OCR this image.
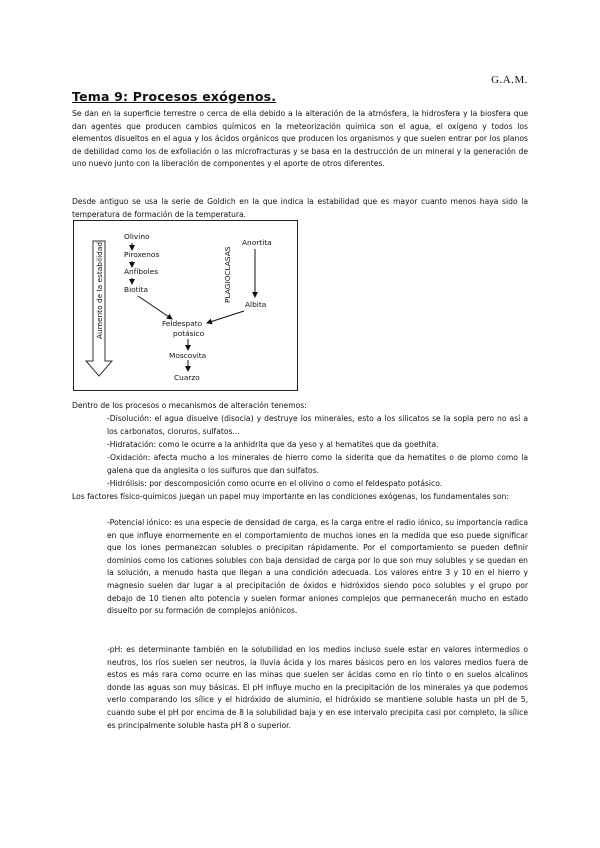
G.A.M.
Tema 9: Procesos exógenos.
Se dan en la superficie terrestre o cerca de ella debido a la alteración de la atmósfera, la hidrosfera y la biosfera que dan agentes que producen cambios químicos en la meteorización química son el agua, el oxígeno y todos los elementos disueltos en el agua y los ácidos orgánicos que producen los organismos y que suelen entrar por los planos de debilidad como los de exfoliación o las microfracturas y se basa en la destrucción de un mineral y la generación de uno nuevo junto con la liberación de componentes y el aporte de otros diferentes.
Desde antiguo se usa la serie de Goldich en la que indica la estabilidad que es mayor cuanto menos haya sido la temperatura de formación de la temperatura.
Aumento de la estabilidad
Olivino
Piroxenos
Anfíboles
Biotita	PLAGIOCLASAS
Anortita
Albita
Feldespato
potásico
Moscovita
Cuarzo
Dentro de los procesos o mecanismos de alteración tenemos:
-Disolución: el agua disuelve (disocia) y destruye los minerales, esto a los silicatos se la sopla pero no así a los carbonatos, cloruros, sulfatos...
-Hidratación: como le ocurre a la anhidrita que da yeso y al hematites que da goethita.
-Oxidación: afecta mucho a los minerales de hierro como la siderita que da hematites o de plomo como la galena que da anglesita o los sulfuros que dan sulfatos.
-Hidrólisis: por descomposición como ocurre en el olivino o como el feldespato potásico.
Los factores físico-químicos juegan un papel muy importante en las condiciones exógenas, los fundamentales son:
-Potencial iónico: es una especie de densidad de carga, es la carga entre el radio iónico, su importancia radica en que influye enormemente en el comportamiento de muchos iones en la medida que eso puede significar que los iones permanezcan solubles o precipitan rápidamente. Por el comportamiento se pueden definir dominios como los cationes solubles con baja densidad de carga por lo que son muy solubles y se quedan en la solución, a menudo hasta que llegan a una condición adecuada. Los valores entre 3 y 10 en el hierro y magnesio suelen dar lugar a al precipitación de óxidos e hidróxidos siendo poco solubles y el grupo por debajo de 10 tienen alto potencia y suelen formar aniones complejos que permanecerán mucho en estado disuelto por su formación de complejos aniónicos.
-pH: es determinante también en la solubilidad en los medios incluso suele estar en valores intermedios o neutros, los ríos suelen ser neutros, la lluvia ácida y los mares básicos pero en los valores medios fuera de estos es más rara como ocurre en las minas que suelen ser ácidas como en río tinto o en suelos alcalinos donde las aguas son muy básicas. El pH influye mucho en la precipitación de los minerales ya que podemos verlo comparando los sílice y el hidróxido de aluminio, el hidróxido se mantiene soluble hasta un pH de 5, cuando sube el pH por encima de 8 la solubilidad baja y en ese intervalo precipita casi por completo, la sílice es principalmente soluble hasta pH 8 o superior.
